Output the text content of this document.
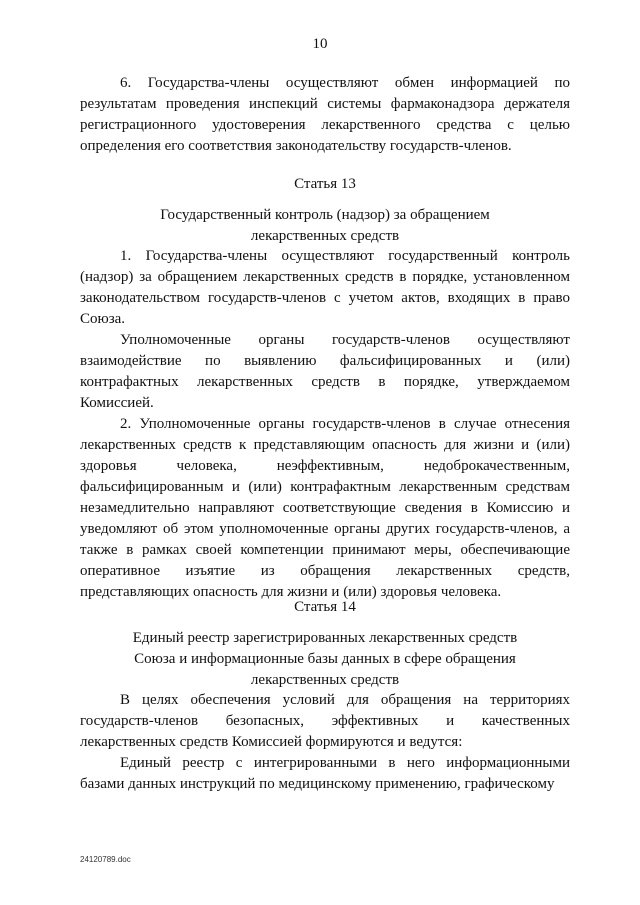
10

6. Государства-члены осуществляют обмен информацией по результатам проведения инспекций системы фармаконадзора держателя регистрационного удостоверения лекарственного средства с целью определения его соответствия законодательству государств-членов.

Статья 13

Государственный контроль (надзор) за обращением

лекарственных средств

1. Государства-члены осуществляют государственный контроль (надзор) за обращением лекарственных средств в порядке, установленном законодательством государств-членов с учетом актов, входящих в право Союза.

Уполномоченные органы государств-членов осуществляют взаимодействие по выявлению фальсифицированных и (или) контрафактных лекарственных средств в порядке, утверждаемом Комиссией.

2. Уполномоченные органы государств-членов в случае отнесения лекарственных средств к представляющим опасность для жизни и (или) здоровья человека, неэффективным, недоброкачественным, фальсифицированным и (или) контрафактным лекарственным средствам незамедлительно направляют соответствующие сведения в Комиссию и уведомляют об этом уполномоченные органы других государств-членов, а также в рамках своей компетенции принимают меры, обеспечивающие оперативное изъятие из обращения лекарственных средств, представляющих опасность для жизни и (или) здоровья человека.

Статья 14

Единый реестр зарегистрированных лекарственных средств

Союза и информационные базы данных в сфере обращения

лекарственных средств

В целях обеспечения условий для обращения на территориях государств-членов безопасных, эффективных и качественных лекарственных средств Комиссией формируются и ведутся:

Единый реестр с интегрированными в него информационными базами данных инструкций по медицинскому применению, графическому

24120789.doc
